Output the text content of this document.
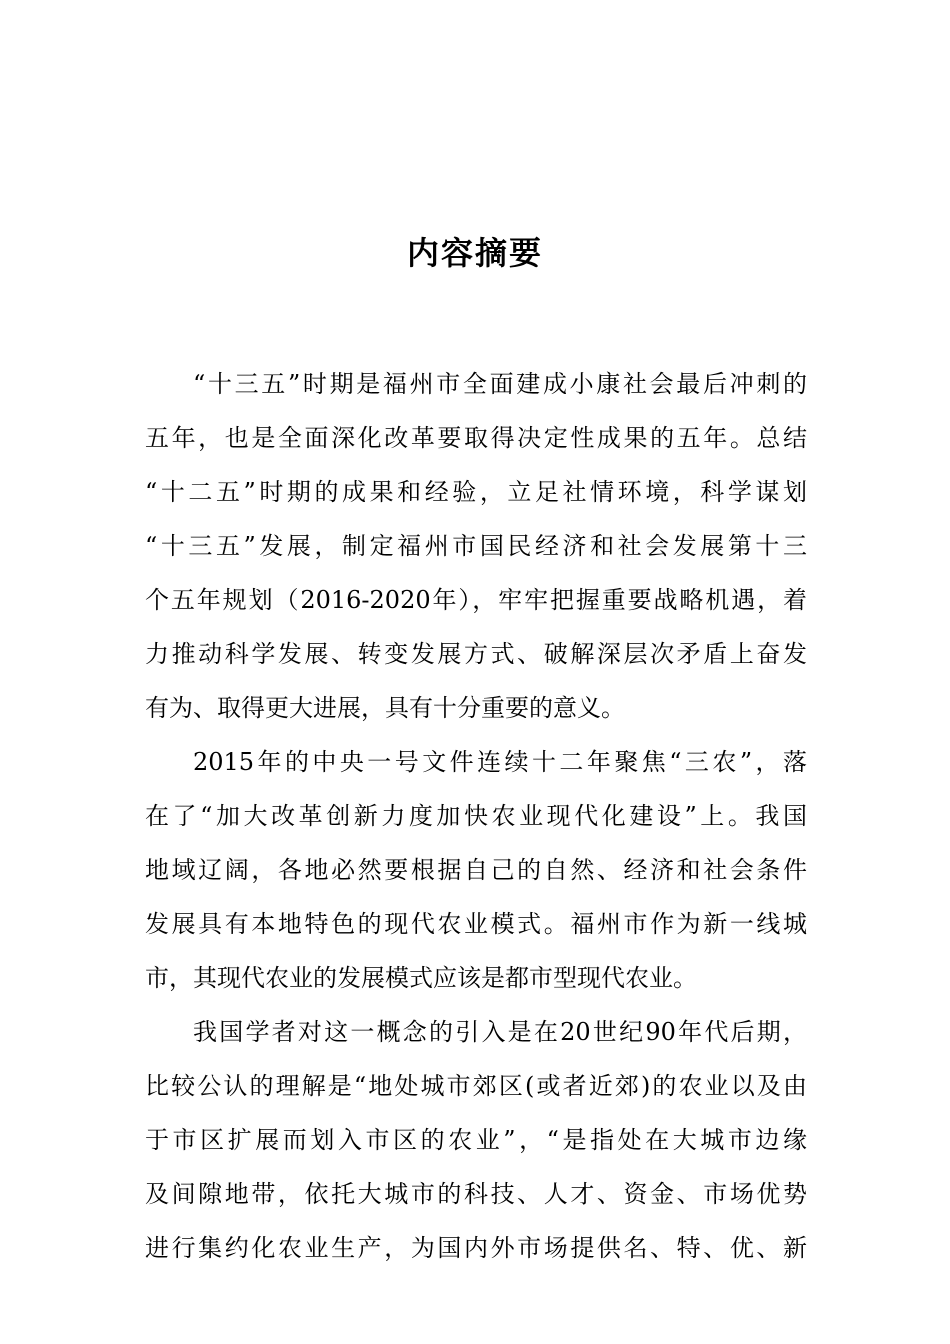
内容摘要
“十三五”时期是福州市全面建成小康社会最后冲刺的
五年，也是全面深化改革要取得决定性成果的五年。总结
“十二五”时期的成果和经验，立足社情环境，科学谋划
“十三五”发展，制定福州市国民经济和社会发展第十三
个五年规划（2016-2020年），牢牢把握重要战略机遇，着
力推动科学发展、转变发展方式、破解深层次矛盾上奋发
有为、取得更大进展，具有十分重要的意义。
2015年的中央一号文件连续十二年聚焦“三农”，落
在了“加大改革创新力度加快农业现代化建设”上。我国
地域辽阔，各地必然要根据自己的自然、经济和社会条件
发展具有本地特色的现代农业模式。福州市作为新一线城
市，其现代农业的发展模式应该是都市型现代农业。
我国学者对这一概念的引入是在20世纪90年代后期，
比较公认的理解是“地处城市郊区(或者近郊)的农业以及由
于市区扩展而划入市区的农业”，“是指处在大城市边缘
及间隙地带，依托大城市的科技、人才、资金、市场优势
进行集约化农业生产，为国内外市场提供名、特、优、新
